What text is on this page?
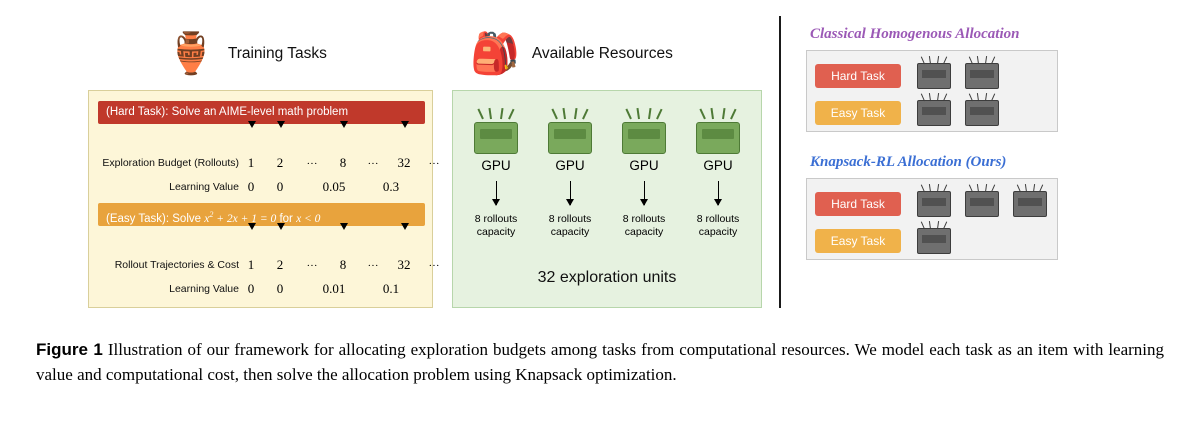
🏺 Training Tasks
(Hard Task): Solve an AIME-level math problem
Exploration Budget (Rollouts) 1	2	···	8	···	32	···
Learning Value 0	0	0.05	0.3
(Easy Task): Solve $x^2 + 2x + 1 = 0$ for x < 0
Rollout Trajectories & Cost 1	2	···	8	···	32	···
Learning Value 0	0	0.01	0.1
🎒 Available Resources
GPU
8 rollouts
capacity
GPU
8 rollouts
capacity
GPU
8 rollouts
capacity
GPU
8 rollouts
capacity
32 exploration units
Classical Homogenous Allocation
Hard Task
Easy Task
Knapsack-RL Allocation (Ours)
Hard Task
Easy Task
Figure 1 Illustration of our framework for allocating exploration budgets among tasks from computational resources. We model each task as an item with learning value and computational cost, then solve the allocation problem using Knapsack optimization.
